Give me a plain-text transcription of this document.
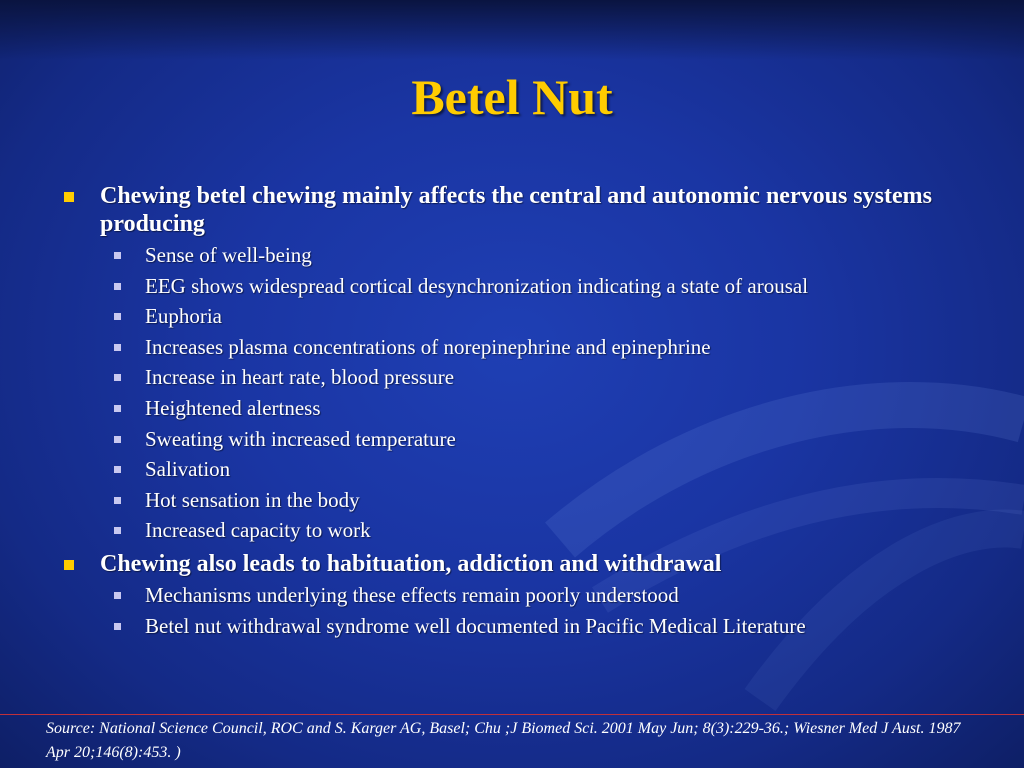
Betel Nut
Chewing betel chewing mainly affects the central and autonomic nervous systems producing
Sense of well-being
EEG shows widespread cortical desynchronization indicating a state of arousal
Euphoria
Increases plasma concentrations of norepinephrine and epinephrine
Increase in heart rate, blood pressure
Heightened alertness
Sweating with increased temperature
Salivation
Hot sensation in the body
Increased capacity to work
Chewing also leads to habituation, addiction and withdrawal
Mechanisms underlying these effects remain poorly understood
Betel nut withdrawal syndrome well documented in Pacific Medical Literature
Source: National Science Council, ROC and S. Karger AG, Basel; Chu ;J Biomed Sci. 2001 May Jun; 8(3):229-36.; Wiesner Med J Aust. 1987 Apr 20;146(8):453. )
